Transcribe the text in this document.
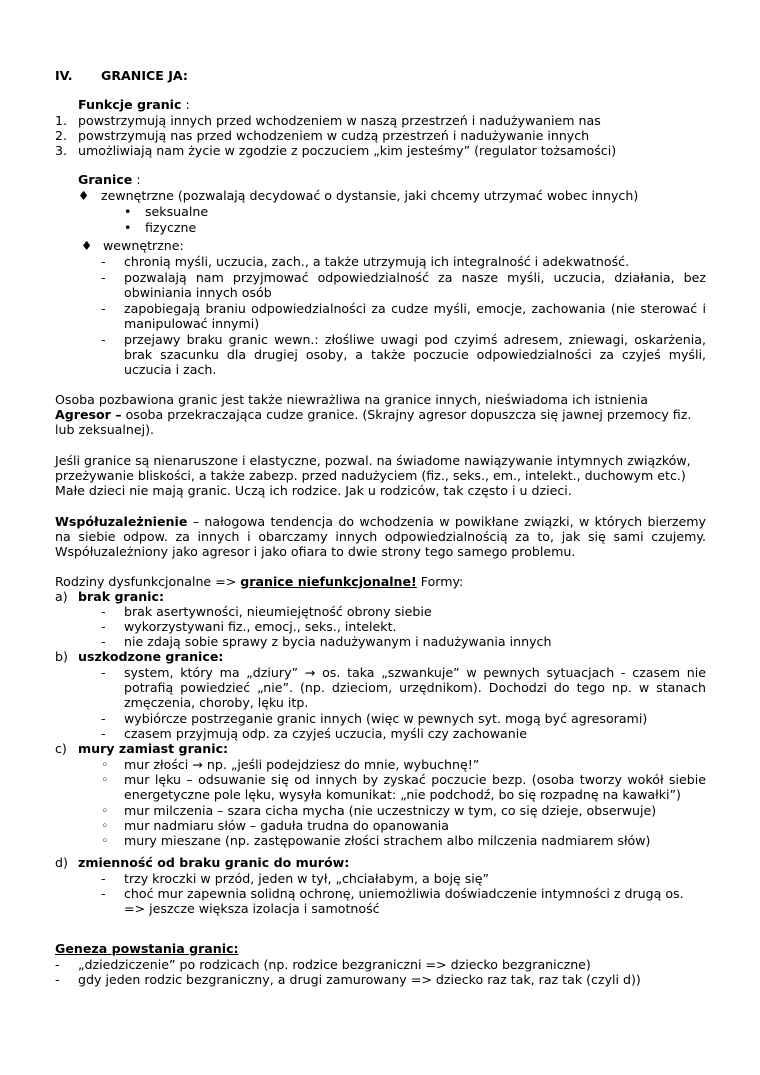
IV. GRANICE JA:
Funkcje granic :
1. powstrzymują innych przed wchodzeniem w naszą przestrzeń i nadużywaniem nas
2. powstrzymują nas przed wchodzeniem w cudzą przestrzeń i nadużywanie innych
3. umożliwiają nam życie w zgodzie z poczuciem „kim jesteśmy” (regulator tożsamości)
Granice :
♦ zewnętrzne (pozwalają decydować o dystansie, jaki chcemy utrzymać wobec innych)
• seksualne
• fizyczne
♦ wewnętrzne:
- chronią myśli, uczucia, zach., a także utrzymują ich integralność i adekwatność.
- pozwalają nam przyjmować odpowiedzialność za nasze myśli, uczucia, działania, bez
obwiniania innych osób
- zapobiegają braniu odpowiedzialności za cudze myśli, emocje, zachowania (nie sterować i
manipulować innymi)
- przejawy braku granic wewn.: złośliwe uwagi pod czyimś adresem, zniewagi, oskarżenia,
brak szacunku dla drugiej osoby, a także poczucie odpowiedzialności za czyjeś myśli,
uczucia i zach.
Osoba pozbawiona granic jest także niewrażliwa na granice innych, nieświadoma ich istnienia
Agresor – osoba przekraczająca cudze granice. (Skrajny agresor dopuszcza się jawnej przemocy fiz.
lub zeksualnej).
Jeśli granice są nienaruszone i elastyczne, pozwal. na świadome nawiązywanie intymnych związków,
przeżywanie bliskości, a także zabezp. przed nadużyciem (fiz., seks., em., intelekt., duchowym etc.)
Małe dzieci nie mają granic. Uczą ich rodzice. Jak u rodziców, tak często i u dzieci.
Współuzależnienie – nałogowa tendencja do wchodzenia w powikłane związki, w których bierzemy
na siebie odpow. za innych i obarczamy innych odpowiedzialnością za to, jak się sami czujemy.
Współuzależniony jako agresor i jako ofiara to dwie strony tego samego problemu.
Rodziny dysfunkcjonalne => granice niefunkcjonalne! Formy:
a) brak granic:
- brak asertywności, nieumiejętność obrony siebie
- wykorzystywani fiz., emocj., seks., intelekt.
- nie zdają sobie sprawy z bycia nadużywanym i nadużywania innych
b) uszkodzone granice:
- system, który ma „dziury” → os. taka „szwankuje” w pewnych sytuacjach - czasem nie
potrafią powiedzieć „nie”. (np. dzieciom, urzędnikom). Dochodzi do tego np. w stanach
zmęczenia, choroby, lęku itp.
- wybiórcze postrzeganie granic innych (więc w pewnych syt. mogą być agresorami)
- czasem przyjmują odp. za czyjeś uczucia, myśli czy zachowanie
c) mury zamiast granic:
◦ mur złości → np. „jeśli podejdziesz do mnie, wybuchnę!”
◦ mur lęku – odsuwanie się od innych by zyskać poczucie bezp. (osoba tworzy wokół siebie
energetyczne pole lęku, wysyła komunikat: „nie podchodź, bo się rozpadnę na kawałki”)
◦ mur milczenia – szara cicha mycha (nie uczestniczy w tym, co się dzieje, obserwuje)
◦ mur nadmiaru słów – gaduła trudna do opanowania
◦ mury mieszane (np. zastępowanie złości strachem albo milczenia nadmiarem słów)
d) zmienność od braku granic do murów:
- trzy kroczki w przód, jeden w tył, „chciałabym, a boję się”
- choć mur zapewnia solidną ochronę, uniemożliwia doświadczenie intymności z drugą os.
=> jeszcze większa izolacja i samotność
Geneza powstania granic:
- „dziedziczenie” po rodzicach (np. rodzice bezgraniczni => dziecko bezgraniczne)
- gdy jeden rodzic bezgraniczny, a drugi zamurowany => dziecko raz tak, raz tak (czyli d))
